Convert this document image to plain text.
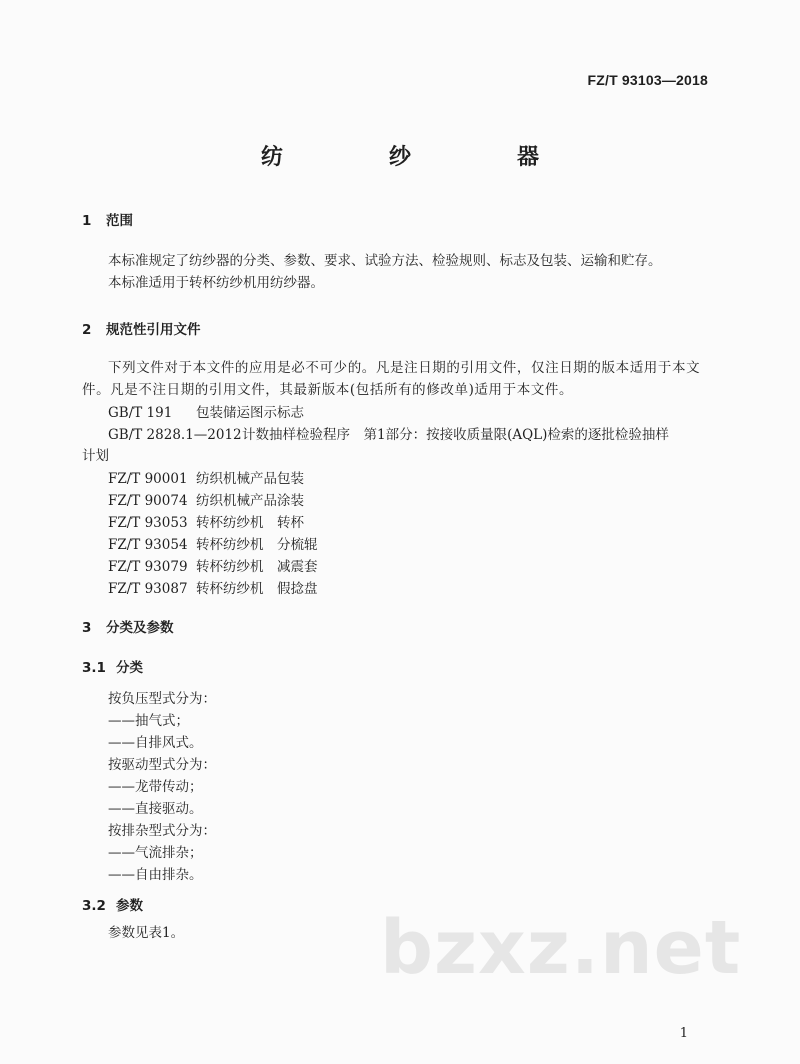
FZ/T 93103—2018
纺　纱　器
1 范围
本标准规定了纺纱器的分类、参数、要求、试验方法、检验规则、标志及包装、运输和贮存。
本标准适用于转杯纺纱机用纺纱器。
2 规范性引用文件
下列文件对于本文件的应用是必不可少的。凡是注日期的引用文件，仅注日期的版本适用于本文件。凡是不注日期的引用文件，其最新版本(包括所有的修改单)适用于本文件。
GB/T 191 包装储运图示标志
GB/T 2828.1—2012计数抽样检验程序　第1部分：按接收质量限(AQL)检索的逐批检验抽样
计划
FZ/T 90001 纺织机械产品包装
FZ/T 90074 纺织机械产品涂装
FZ/T 93053 转杯纺纱机　转杯
FZ/T 93054 转杯纺纱机　分梳辊
FZ/T 93079 转杯纺纱机　减震套
FZ/T 93087 转杯纺纱机　假捻盘
3 分类及参数
3.1 分类
按负压型式分为：
——抽气式；
——自排风式。
按驱动型式分为：
——龙带传动；
——直接驱动。
按排杂型式分为：
——气流排杂；
——自由排杂。
3.2 参数
参数见表1。	bzxz.net
1
